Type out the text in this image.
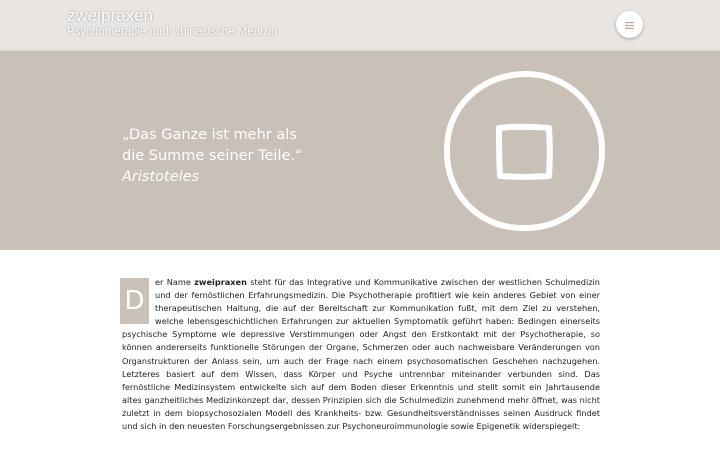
zweipraxen
Psychotherapie und Chinesische Medizin
„Das Ganze ist mehr als
die Summe seiner Teile.“
Aristoteles
D
er Name zweipraxen steht für das Integrative und Kommunikative zwischen der westlichen Schulmedizin und der fernöstlichen Erfahrungsmedizin. Die Psychotherapie profitiert wie kein anderes Gebiet von einer therapeutischen Haltung, die auf der Bereitschaft zur Kommunikation fußt, mit dem Ziel zu verstehen, welche lebensgeschichtlichen Erfahrungen zur aktuellen Symptomatik geführt haben: Bedingen einerseits psychische Symptome wie depressive Verstimmungen oder Angst den Erstkontakt mit der Psychotherapie, so können andererseits funktionelle Störungen der Organe, Schmerzen oder auch nachweisbare Veränderungen von Organstrukturen der Anlass sein, um auch der Frage nach einem psychosomatischen Geschehen nachzugehen. Letzteres basiert auf dem Wissen, dass Körper und Psyche untrennbar miteinander verbunden sind. Das fernöstliche Medizinsystem entwickelte sich auf dem Boden dieser Erkenntnis und stellt somit ein Jahrtausende altes ganzheitliches Medizinkonzept dar, dessen Prinzipien sich die Schulmedizin zunehmend mehr öffnet, was nicht zuletzt in dem biopsychosozialen Modell des Krankheits- bzw. Gesundheitsverständnisses seinen Ausdruck findet und sich in den neuesten Forschungsergebnissen zur Psychoneuroimmunologie sowie Epigenetik widerspiegelt:
